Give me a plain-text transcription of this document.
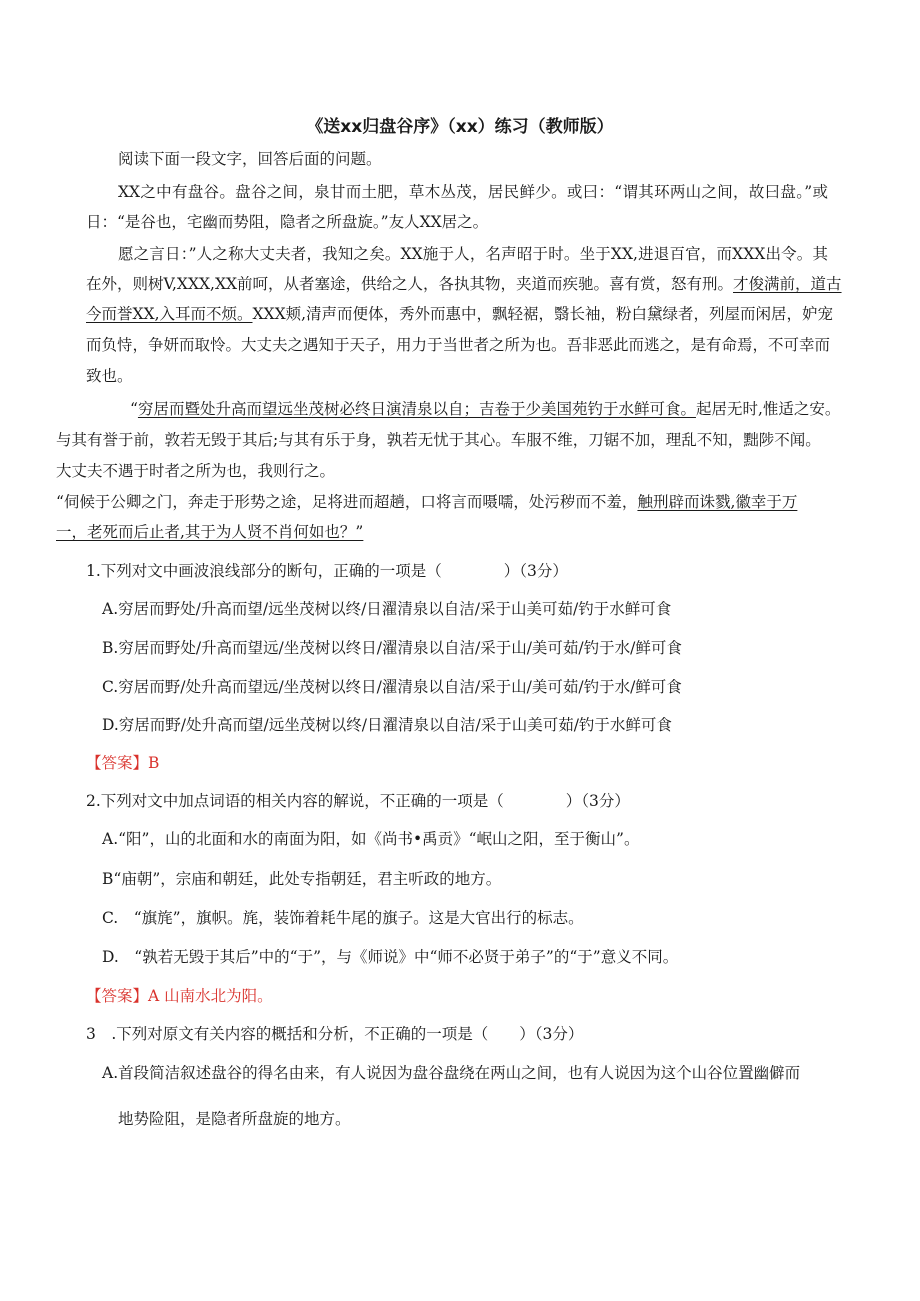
《送xx归盘谷序》（xx）练习（教师版）
阅读下面一段文字，回答后面的问题。
XX之中有盘谷。盘谷之间，泉甘而土肥，草木丛茂，居民鲜少。或曰：“谓其环两山之间，故曰盘。”或
日：“是谷也，宅幽而势阻，隐者之所盘旋。”友人XX居之。
愿之言日：”人之称大丈夫者，我知之矣。XX施于人，名声昭于时。坐于XX,进退百官，而XXX出令。其
在外，则树V,XXX,XX前呵，从者塞途，供给之人，各执其物，夹道而疾驰。喜有赏，怒有刑。才俊满前，道古
今而誉XX,入耳而不烦。XXX颊,清声而便体，秀外而惠中，飘轻裾，翳长袖，粉白黛绿者，列屋而闲居，妒宠
而负恃，争妍而取怜。大丈夫之遇知于天子，用力于当世者之所为也。吾非恶此而逃之，是有命焉，不可幸而
致也。
“穷居而暨处升高而望远坐茂树必终日演清泉以自；吉卷于少美国苑钓于水鲜可食。起居无时,惟适之安。
与其有誉于前，敦若无毁于其后;与其有乐于身，孰若无忧于其心。车服不维，刀锯不加，理乱不知，黜陟不闻。
大丈夫不遇于时者之所为也，我则行之。
“伺候于公卿之门，奔走于形势之途，足将进而超趟，口将言而嗫嚅，处污秽而不羞，触刑辟而诛戮,徽幸于万
一，老死而后止者,其于为人贤不肖何如也？”
1.下列对文中画波浪线部分的断句，正确的一项是（　　　　）（3分）
A.穷居而野处/升高而望/远坐茂树以终/日濯清泉以自洁/采于山美可茹/钓于水鲜可食
B.穷居而野处/升高而望远/坐茂树以终日/濯清泉以自洁/采于山/美可茹/钓于水/鲜可食
C.穷居而野/处升高而望远/坐茂树以终日/濯清泉以自洁/采于山/美可茹/钓于水/鲜可食
D.穷居而野/处升高而望/远坐茂树以终/日濯清泉以自洁/采于山美可茹/钓于水鲜可食
【答案】B
2.下列对文中加点词语的相关内容的解说，不正确的一项是（　　　　）（3分）
A.“阳”，山的北面和水的南面为阳，如《尚书•禹贡》“岷山之阳，至于衡山”。
B“庙朝”，宗庙和朝廷，此处专指朝廷，君主听政的地方。
C.　“旗旄”，旗帜。旄，装饰着耗牛尾的旗子。这是大官出行的标志。
D.　“孰若无毁于其后”中的“于”，与《师说》中“师不必贤于弟子”的“于”意义不同。
【答案】A 山南水北为阳。
3　.下列对原文有关内容的概括和分析，不正确的一项是（　　）（3分）
A.首段简洁叙述盘谷的得名由来，有人说因为盘谷盘绕在两山之间，也有人说因为这个山谷位置幽僻而
地势险阻，是隐者所盘旋的地方。
